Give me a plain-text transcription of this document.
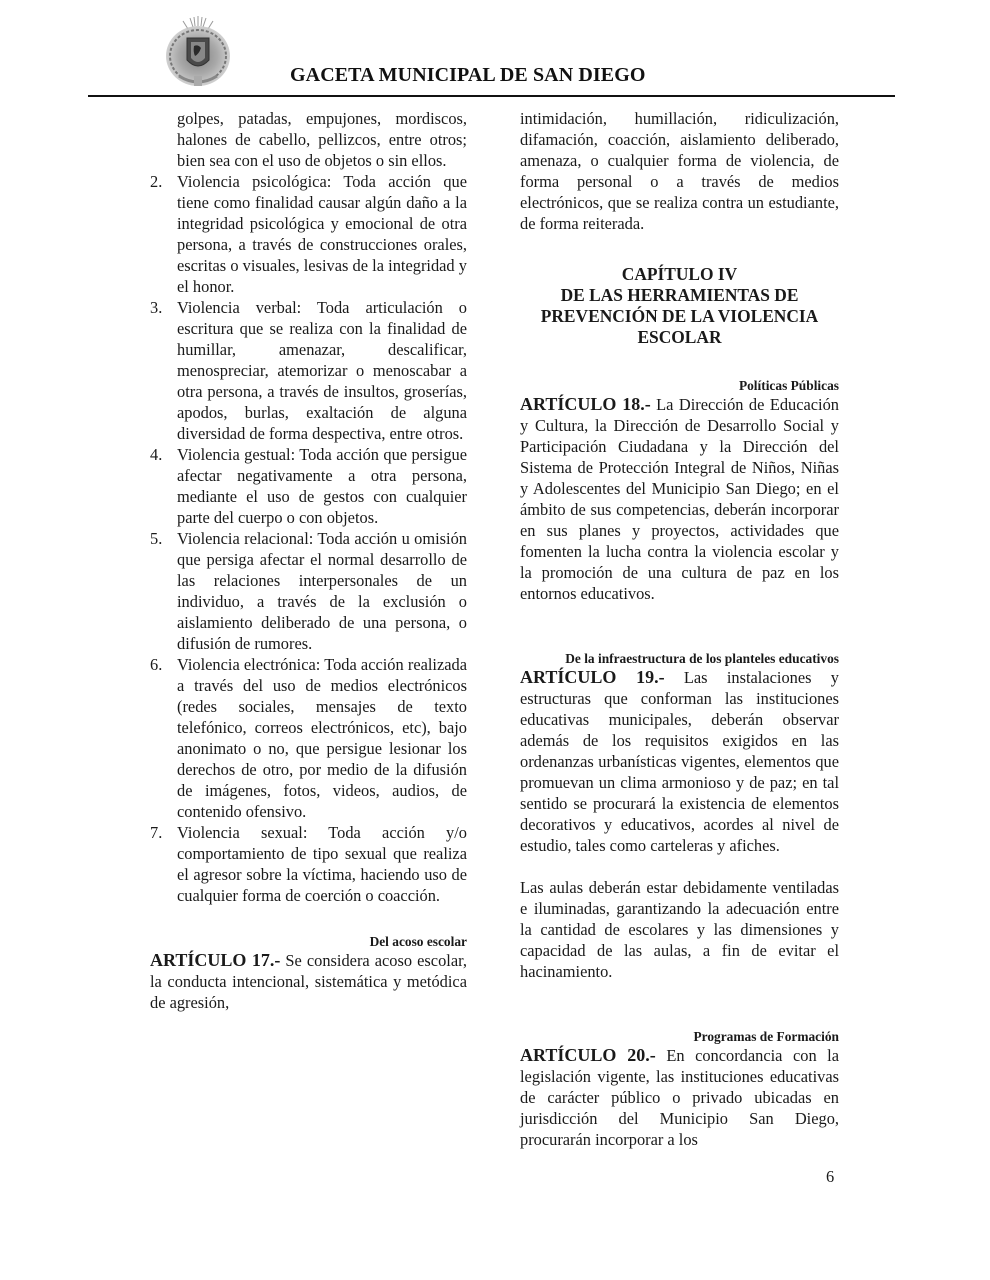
GACETA MUNICIPAL DE SAN DIEGO

golpes, patadas, empujones, mordiscos, halones de cabello, pellizcos, entre otros; bien sea con el uso de objetos o sin ellos.

2. Violencia psicológica: Toda acción que tiene como finalidad causar algún daño a la integridad psicológica y emocional de otra persona, a través de construcciones orales, escritas o visuales, lesivas de la integridad y el honor.

3. Violencia verbal: Toda articulación o escritura que se realiza con la finalidad de humillar, amenazar, descalificar, menospreciar, atemorizar o menoscabar a otra persona, a través de insultos, groserías, apodos, burlas, exaltación de alguna diversidad de forma despectiva, entre otros.

4. Violencia gestual: Toda acción que persigue afectar negativamente a otra persona, mediante el uso de gestos con cualquier parte del cuerpo o con objetos.

5. Violencia relacional: Toda acción u omisión que persiga afectar el normal desarrollo de las relaciones interpersonales de un individuo, a través de la exclusión o aislamiento deliberado de una persona, o difusión de rumores.

6. Violencia electrónica: Toda acción realizada a través del uso de medios electrónicos (redes sociales, mensajes de texto telefónico, correos electrónicos, etc), bajo anonimato o no, que persigue lesionar los derechos de otro, por medio de la difusión de imágenes, fotos, videos, audios, de contenido ofensivo.

7. Violencia sexual: Toda acción y/o comportamiento de tipo sexual que realiza el agresor sobre la víctima, haciendo uso de cualquier forma de coerción o coacción.

Del acoso escolar

ARTÍCULO 17.- Se considera acoso escolar, la conducta intencional, sistemática y metódica de agresión,

intimidación, humillación, ridiculización, difamación, coacción, aislamiento deliberado, amenaza, o cualquier forma de violencia, de forma personal o a través de medios electrónicos, que se realiza contra un estudiante, de forma reiterada.

CAPÍTULO IV

DE LAS HERRAMIENTAS DE

PREVENCIÓN DE LA VIOLENCIA

ESCOLAR

Políticas Públicas

ARTÍCULO 18.- La Dirección de Educación y Cultura, la Dirección de Desarrollo Social y Participación Ciudadana y la Dirección del Sistema de Protección Integral de Niños, Niñas y Adolescentes del Municipio San Diego; en el ámbito de sus competencias, deberán incorporar en sus planes y proyectos, actividades que fomenten la lucha contra la violencia escolar y la promoción de una cultura de paz en los entornos educativos.

De la infraestructura de los planteles educativos

ARTÍCULO 19.- Las instalaciones y estructuras que conforman las instituciones educativas municipales, deberán observar además de los requisitos exigidos en las ordenanzas urbanísticas vigentes, elementos que promuevan un clima armonioso y de paz; en tal sentido se procurará la existencia de elementos decorativos y educativos, acordes al nivel de estudio, tales como carteleras y afiches.

Las aulas deberán estar debidamente ventiladas e iluminadas, garantizando la adecuación entre la cantidad de escolares y las dimensiones y capacidad de las aulas, a fin de evitar el hacinamiento.

Programas de Formación

ARTÍCULO 20.- En concordancia con la legislación vigente, las instituciones educativas de carácter público o privado ubicadas en jurisdicción del Municipio San Diego, procurarán incorporar a los

6
